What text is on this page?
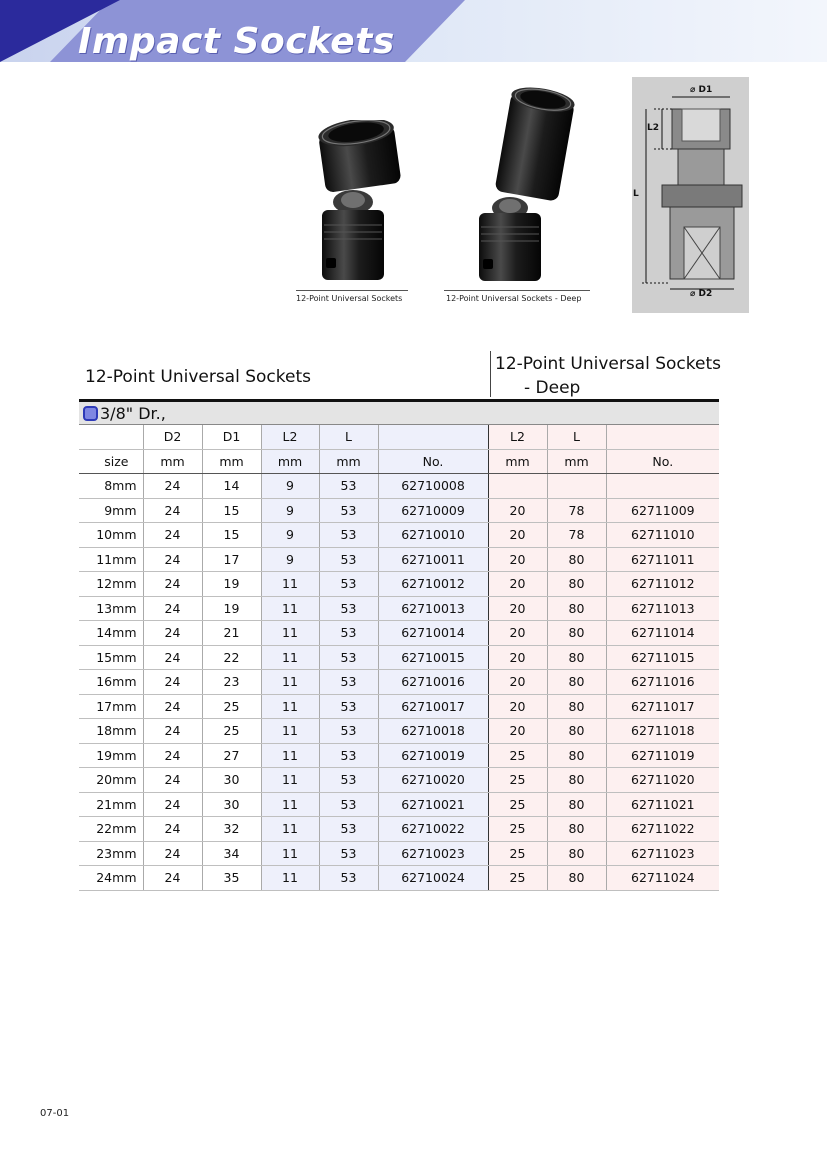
Impact Sockets
12-Point Universal Sockets	12-Point Universal Sockets - Deep
⌀ D1
⌀ D2
L2
L
12-Point Universal Sockets
12-Point Universal Sockets
- Deep
3/8" Dr.,								
	D2	D1	L2	L		L2	L	
size	mm	mm	mm	mm	No.	mm	mm	No.
8mm	24	14	9	53	62710008			
9mm	24	15	9	53	62710009	20	78	62711009
10mm	24	15	9	53	62710010	20	78	62711010
11mm	24	17	9	53	62710011	20	80	62711011
12mm	24	19	11	53	62710012	20	80	62711012
13mm	24	19	11	53	62710013	20	80	62711013
14mm	24	21	11	53	62710014	20	80	62711014
15mm	24	22	11	53	62710015	20	80	62711015
16mm	24	23	11	53	62710016	20	80	62711016
17mm	24	25	11	53	62710017	20	80	62711017
18mm	24	25	11	53	62710018	20	80	62711018
19mm	24	27	11	53	62710019	25	80	62711019
20mm	24	30	11	53	62710020	25	80	62711020
21mm	24	30	11	53	62710021	25	80	62711021
22mm	24	32	11	53	62710022	25	80	62711022
23mm	24	34	11	53	62710023	25	80	62711023
24mm	24	35	11	53	62710024	25	80	62711024
07-01
